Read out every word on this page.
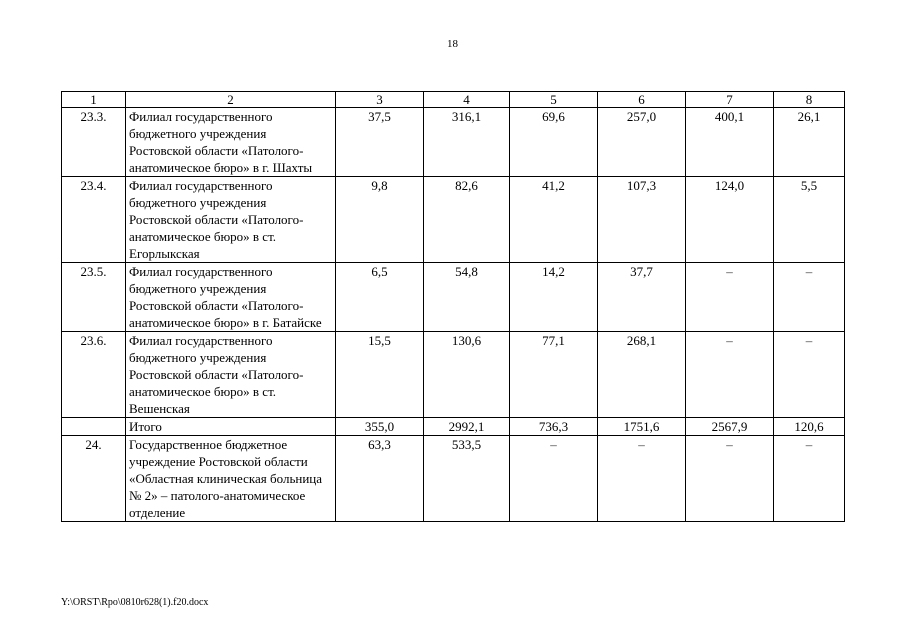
18
1	2	3	4	5	6	7	8
23.3.	Филиал государственного бюджетного учреждения Ростовской области «Патолого-анатомическое бюро» в г. Шахты	37,5	316,1	69,6	257,0	400,1	26,1
23.4.	Филиал государственного бюджетного учреждения Ростовской области «Патолого-анатомическое бюро» в ст. Егорлыкская	9,8	82,6	41,2	107,3	124,0	5,5
23.5.	Филиал государственного бюджетного учреждения Ростовской области «Патолого-анатомическое бюро» в г. Батайске	6,5	54,8	14,2	37,7	–	–
23.6.	Филиал государственного бюджетного учреждения Ростовской области «Патолого-анатомическое бюро» в ст. Вешенская	15,5	130,6	77,1	268,1	–	–
	Итого	355,0	2992,1	736,3	1751,6	2567,9	120,6
24.	Государственное бюджетное учреждение Ростовской области «Областная клиническая больница № 2» – патолого-анатомическое отделение	63,3	533,5	–	–	–	–
Y:\ORST\Rpo\0810r628(1).f20.docx
